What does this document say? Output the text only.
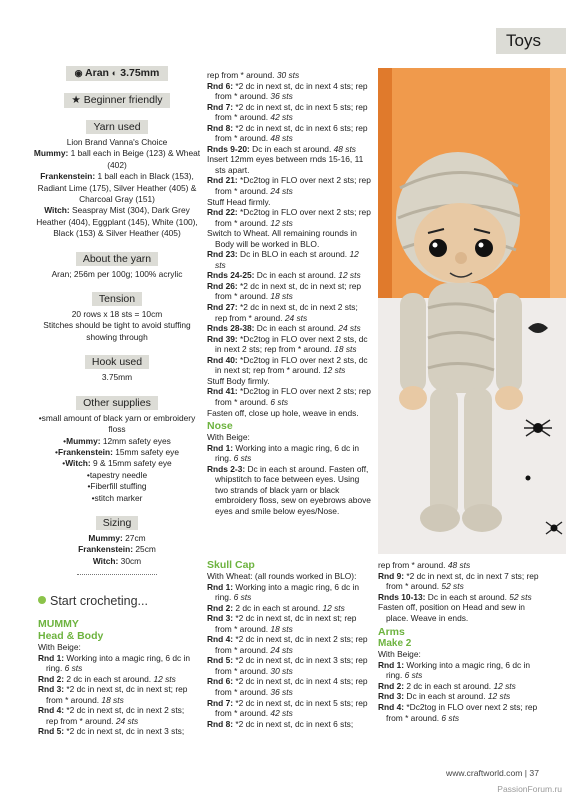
Toys
◉ Aran ◐ 3.75mm
★ Beginner friendly
Yarn used
Lion Brand Vanna's Choice
Mummy: 1 ball each in Beige (123) & Wheat (402)
Frankenstein: 1 ball each in Black (153), Radiant Lime (175), Silver Heather (405) & Charcoal Gray (151)
Witch: Seaspray Mist (304), Dark Grey Heather (404), Eggplant (145), White (100), Black (153) & Silver Heather (405)
About the yarn
Aran; 256m per 100g; 100% acrylic
Tension
20 rows x 18 sts = 10cm
Stitches should be tight to avoid stuffing showing through
Hook used
3.75mm
Other supplies
• small amount of black yarn or embroidery floss
• Mummy: 12mm safety eyes
• Frankenstein: 15mm safety eye
• Witch: 9 & 15mm safety eye
• tapestry needle
• Fiberfill stuffing
• stitch marker
Sizing
Mummy: 27cm
Frankenstein: 25cm
Witch: 30cm
Start crocheting...
MUMMY
Head & Body
With Beige:
Rnd 1: Working into a magic ring, 6 dc in ring. 6 sts
Rnd 2: 2 dc in each st around. 12 sts
Rnd 3: *2 dc in next st, dc in next st; rep from * around. 18 sts
Rnd 4: *2 dc in next st, dc in next 2 sts; rep from * around. 24 sts
Rnd 5: *2 dc in next st, dc in next 3 sts;
rep from * around. 30 sts
Rnd 6: *2 dc in next st, dc in next 4 sts; rep from * around. 36 sts
Rnd 7: *2 dc in next st, dc in next 5 sts; rep from * around. 42 sts
Rnd 8: *2 dc in next st, dc in next 6 sts; rep from * around. 48 sts
Rnds 9-20: Dc in each st around. 48 sts
Insert 12mm eyes between rnds 15-16, 11 sts apart.
Rnd 21: *Dc2tog in FLO over next 2 sts; rep from * around. 24 sts
Stuff Head firmly.
Rnd 22: *Dc2tog in FLO over next 2 sts; rep from * around. 12 sts
Switch to Wheat. All remaining rounds in Body will be worked in BLO.
Rnd 23: Dc in BLO in each st around. 12 sts
Rnds 24-25: Dc in each st around. 12 sts
Rnd 26: *2 dc in next st, dc in next st; rep from * around. 18 sts
Rnd 27: *2 dc in next st, dc in next 2 sts; rep from * around. 24 sts
Rnds 28-38: Dc in each st around. 24 sts
Rnd 39: *Dc2tog in FLO over next 2 sts, dc in next 2 sts; rep from * around. 18 sts
Rnd 40: *Dc2tog in FLO over next 2 sts, dc in next st; rep from * around. 12 sts
Stuff Body firmly.
Rnd 41: *Dc2tog in FLO over next 2 sts; rep from * around. 6 sts
Fasten off, close up hole, weave in ends.
Nose
With Beige:
Rnd 1: Working into a magic ring, 6 dc in ring. 6 sts
Rnds 2-3: Dc in each st around. Fasten off, whipstitch to face between eyes. Using two strands of black yarn or black embroidery floss, sew on eyebrows above eyes and smile below eyes/Nose.
Skull Cap
With Wheat: (all rounds worked in BLO):
Rnd 1: Working into a magic ring, 6 dc in ring. 6 sts
Rnd 2: 2 dc in each st around. 12 sts
Rnd 3: *2 dc in next st, dc in next st; rep from * around. 18 sts
Rnd 4: *2 dc in next st, dc in next 2 sts; rep from * around. 24 sts
Rnd 5: *2 dc in next st, dc in next 3 sts; rep from * around. 30 sts
Rnd 6: *2 dc in next st, dc in next 4 sts; rep from * around. 36 sts
Rnd 7: *2 dc in next st, dc in next 5 sts; rep from * around. 42 sts
Rnd 8: *2 dc in next st, dc in next 6 sts;
rep from * around. 48 sts
Rnd 9: *2 dc in next st, dc in next 7 sts; rep from * around. 52 sts
Rnds 10-13: Dc in each st around. 52 sts
Fasten off, position on Head and sew in place. Weave in ends.
Arms
Make 2
With Beige:
Rnd 1: Working into a magic ring, 6 dc in ring. 6 sts
Rnd 2: 2 dc in each st around. 12 sts
Rnd 3: Dc in each st around. 12 sts
Rnd 4: *Dc2tog in FLO over next 2 sts; rep from * around. 6 sts
www.craftworld.com | 37
PassionForum.ru
